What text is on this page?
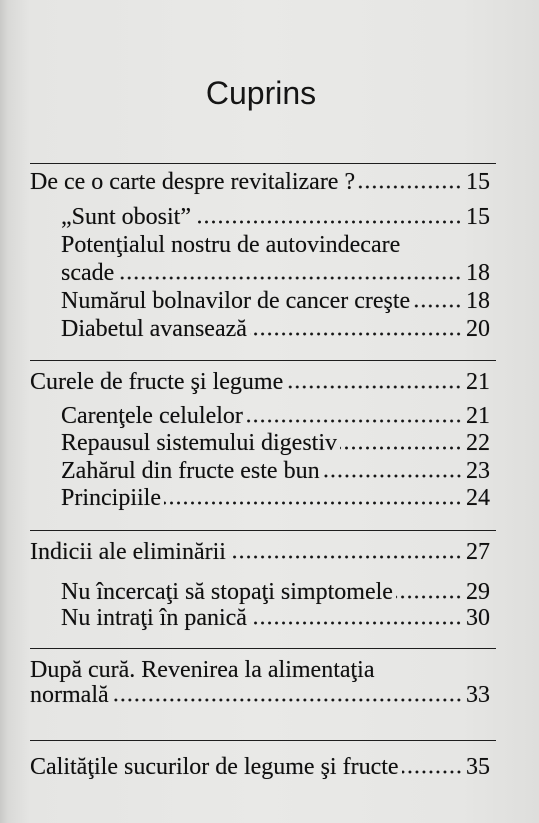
Cuprins
De ce o carte despre revitalizare ?	15
„Sunt obosit”	15
Potenţialul nostru de autovindecare
scade	18
Numărul bolnavilor de cancer creşte 18
Diabetul avansează	20
Curele de fructe şi legume	21
Carenţele celulelor	21
Repausul sistemului digestiv	22
Zahărul din fructe este bun	23
Principiile	24
Indicii ale eliminării	27
Nu încercaţi să stopaţi simptomele	29
Nu intraţi în panică	30
După cură. Revenirea la alimentaţia
normală	33
Calităţile sucurilor de legume şi fructe	35
